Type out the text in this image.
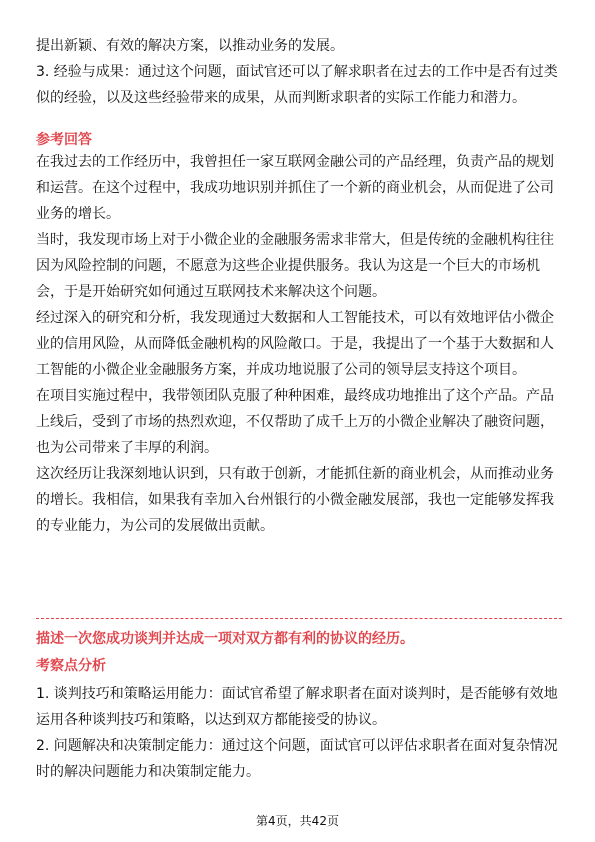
提出新颖、有效的解决方案，以推动业务的发展。

3. 经验与成果：通过这个问题，面试官还可以了解求职者在过去的工作中是否有过类似的经验，以及这些经验带来的成果，从而判断求职者的实际工作能力和潜力。

参考回答

在我过去的工作经历中，我曾担任一家互联网金融公司的产品经理，负责产品的规划和运营。在这个过程中，我成功地识别并抓住了一个新的商业机会，从而促进了公司业务的增长。

当时，我发现市场上对于小微企业的金融服务需求非常大，但是传统的金融机构往往因为风险控制的问题，不愿意为这些企业提供服务。我认为这是一个巨大的市场机会，于是开始研究如何通过互联网技术来解决这个问题。

经过深入的研究和分析，我发现通过大数据和人工智能技术，可以有效地评估小微企业的信用风险，从而降低金融机构的风险敞口。于是，我提出了一个基于大数据和人工智能的小微企业金融服务方案，并成功地说服了公司的领导层支持这个项目。

在项目实施过程中，我带领团队克服了种种困难，最终成功地推出了这个产品。产品上线后，受到了市场的热烈欢迎，不仅帮助了成千上万的小微企业解决了融资问题，也为公司带来了丰厚的利润。

这次经历让我深刻地认识到，只有敢于创新，才能抓住新的商业机会，从而推动业务的增长。我相信，如果我有幸加入台州银行的小微金融发展部，我也一定能够发挥我的专业能力，为公司的发展做出贡献。

描述一次您成功谈判并达成一项对双方都有利的协议的经历。

考察点分析

1. 谈判技巧和策略运用能力：面试官希望了解求职者在面对谈判时，是否能够有效地运用各种谈判技巧和策略，以达到双方都能接受的协议。

2. 问题解决和决策制定能力：通过这个问题，面试官可以评估求职者在面对复杂情况时的解决问题能力和决策制定能力。

第4页，共42页
